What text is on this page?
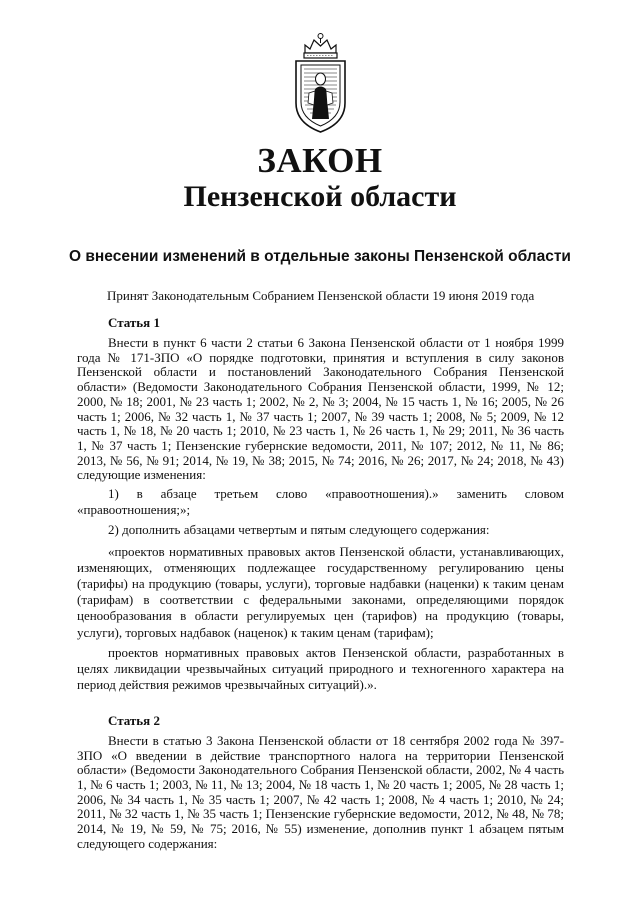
ЗАКОН
Пензенской области
О внесении изменений в отдельные законы Пензенской области
Принят Законодательным Собранием Пензенской области 19 июня 2019 года
Статья 1

Внести в пункт 6 части 2 статьи 6 Закона Пензенской области от 1 ноября 1999 года № 171-ЗПО «О порядке подготовки, принятия и вступления в силу законов Пензенской области и постановлений Законодательного Собрания Пензенской области» (Ведомости Законодательного Собрания Пензенской области, 1999, № 12; 2000, № 18; 2001, № 23 часть 1; 2002, № 2, № 3; 2004, № 15 часть 1, № 16; 2005, № 26 часть 1; 2006, № 32 часть 1, № 37 часть 1; 2007, № 39 часть 1; 2008, № 5; 2009, № 12 часть 1, № 18, № 20 часть 1; 2010, № 23 часть 1, № 26 часть 1, № 29; 2011, № 36 часть 1, № 37 часть 1; Пензенские губернские ведомости, 2011, № 107; 2012, № 11, № 86; 2013, № 56, № 91; 2014, № 19, № 38; 2015, № 74; 2016, № 26; 2017, № 24; 2018, № 43) следующие изменения:

1) в абзаце третьем слово «правоотношения).» заменить словом «правоотношения;»;

2) дополнить абзацами четвертым и пятым следующего содержания:

«проектов нормативных правовых актов Пензенской области, устанавливающих, изменяющих, отменяющих подлежащее государственному регулированию цены (тарифы) на продукцию (товары, услуги), торговые надбавки (наценки) к таким ценам (тарифам) в соответствии с федеральными законами, определяющими порядок ценообразования в области регулируемых цен (тарифов) на продукцию (товары, услуги), торговых надбавок (наценок) к таким ценам (тарифам);

проектов нормативных правовых актов Пензенской области, разработанных в целях ликвидации чрезвычайных ситуаций природного и техногенного характера на период действия режимов чрезвычайных ситуаций).».

Статья 2

Внести в статью 3 Закона Пензенской области от 18 сентября 2002 года № 397-ЗПО «О введении в действие транспортного налога на территории Пензенской области» (Ведомости Законодательного Собрания Пензенской области, 2002, № 4 часть 1, № 6 часть 1; 2003, № 11, № 13; 2004, № 18 часть 1, № 20 часть 1; 2005, № 28 часть 1; 2006, № 34 часть 1, № 35 часть 1; 2007, № 42 часть 1; 2008, № 4 часть 1; 2010, № 24; 2011, № 32 часть 1, № 35 часть 1; Пензенские губернские ведомости, 2012, № 48, № 78; 2014, № 19, № 59, № 75; 2016, № 55) изменение, дополнив пункт 1 абзацем пятым следующего содержания:
